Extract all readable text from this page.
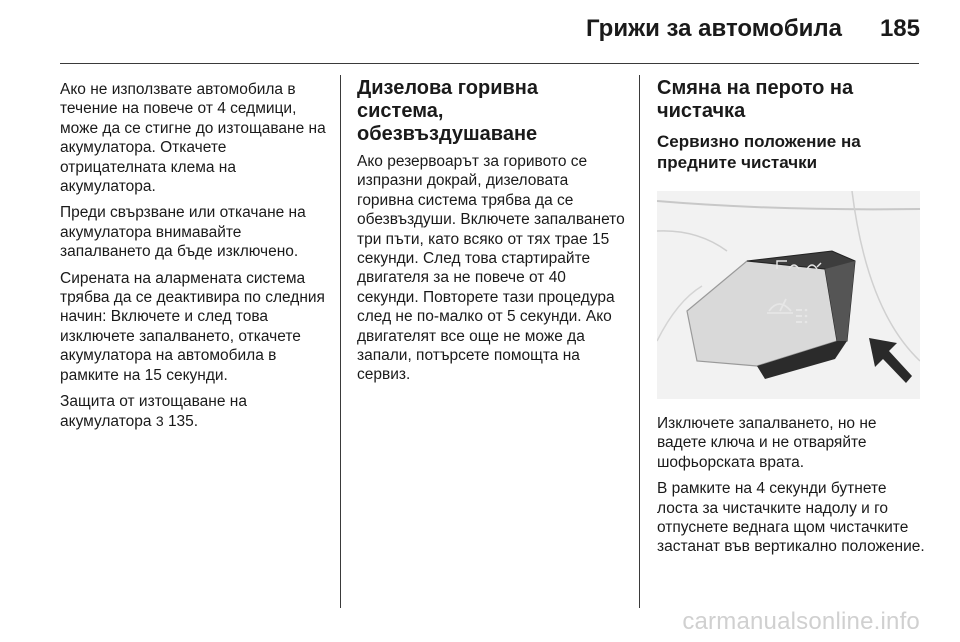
Грижи за автомобила 185

Ако не използвате автомобила в течение на повече от 4 седмици, може да се стигне до изтощаване на акумулатора. Откачете отрицателната клема на акумулатора.

Преди свързване или откачане на акумулатора внимавайте запалването да бъде изключено.

Сирената на алармената система трябва да се деактивира по следния начин: Включете и след това изключете запалването, откачете акумулатора на автомобила в рамките на 15 секунди.

Защита от изтощаване на акумулатора 3 135.

Дизелова горивна система, обезвъздушаване

Ако резервоарът за горивото се изпразни докрай, дизеловата горивна система трябва да се обезвъздуши. Включете запалването три пъти, като всяко от тях трае 15 секунди. След това стартирайте двигателя за не повече от 40 секунди. Повторете тази процедура след не по-малко от 5 секунди. Ако двигателят все още не може да запали, потърсете помощта на сервиз.

Смяна на перото на чистачка
Сервизно положение на предните чистачки

Изключете запалването, но не вадете ключа и не отваряйте шофьорската врата.

В рамките на 4 секунди бутнете лоста за чистачките надолу и го отпуснете веднага щом чистачките застанат във вертикално положение.

carmanualsonline.info
